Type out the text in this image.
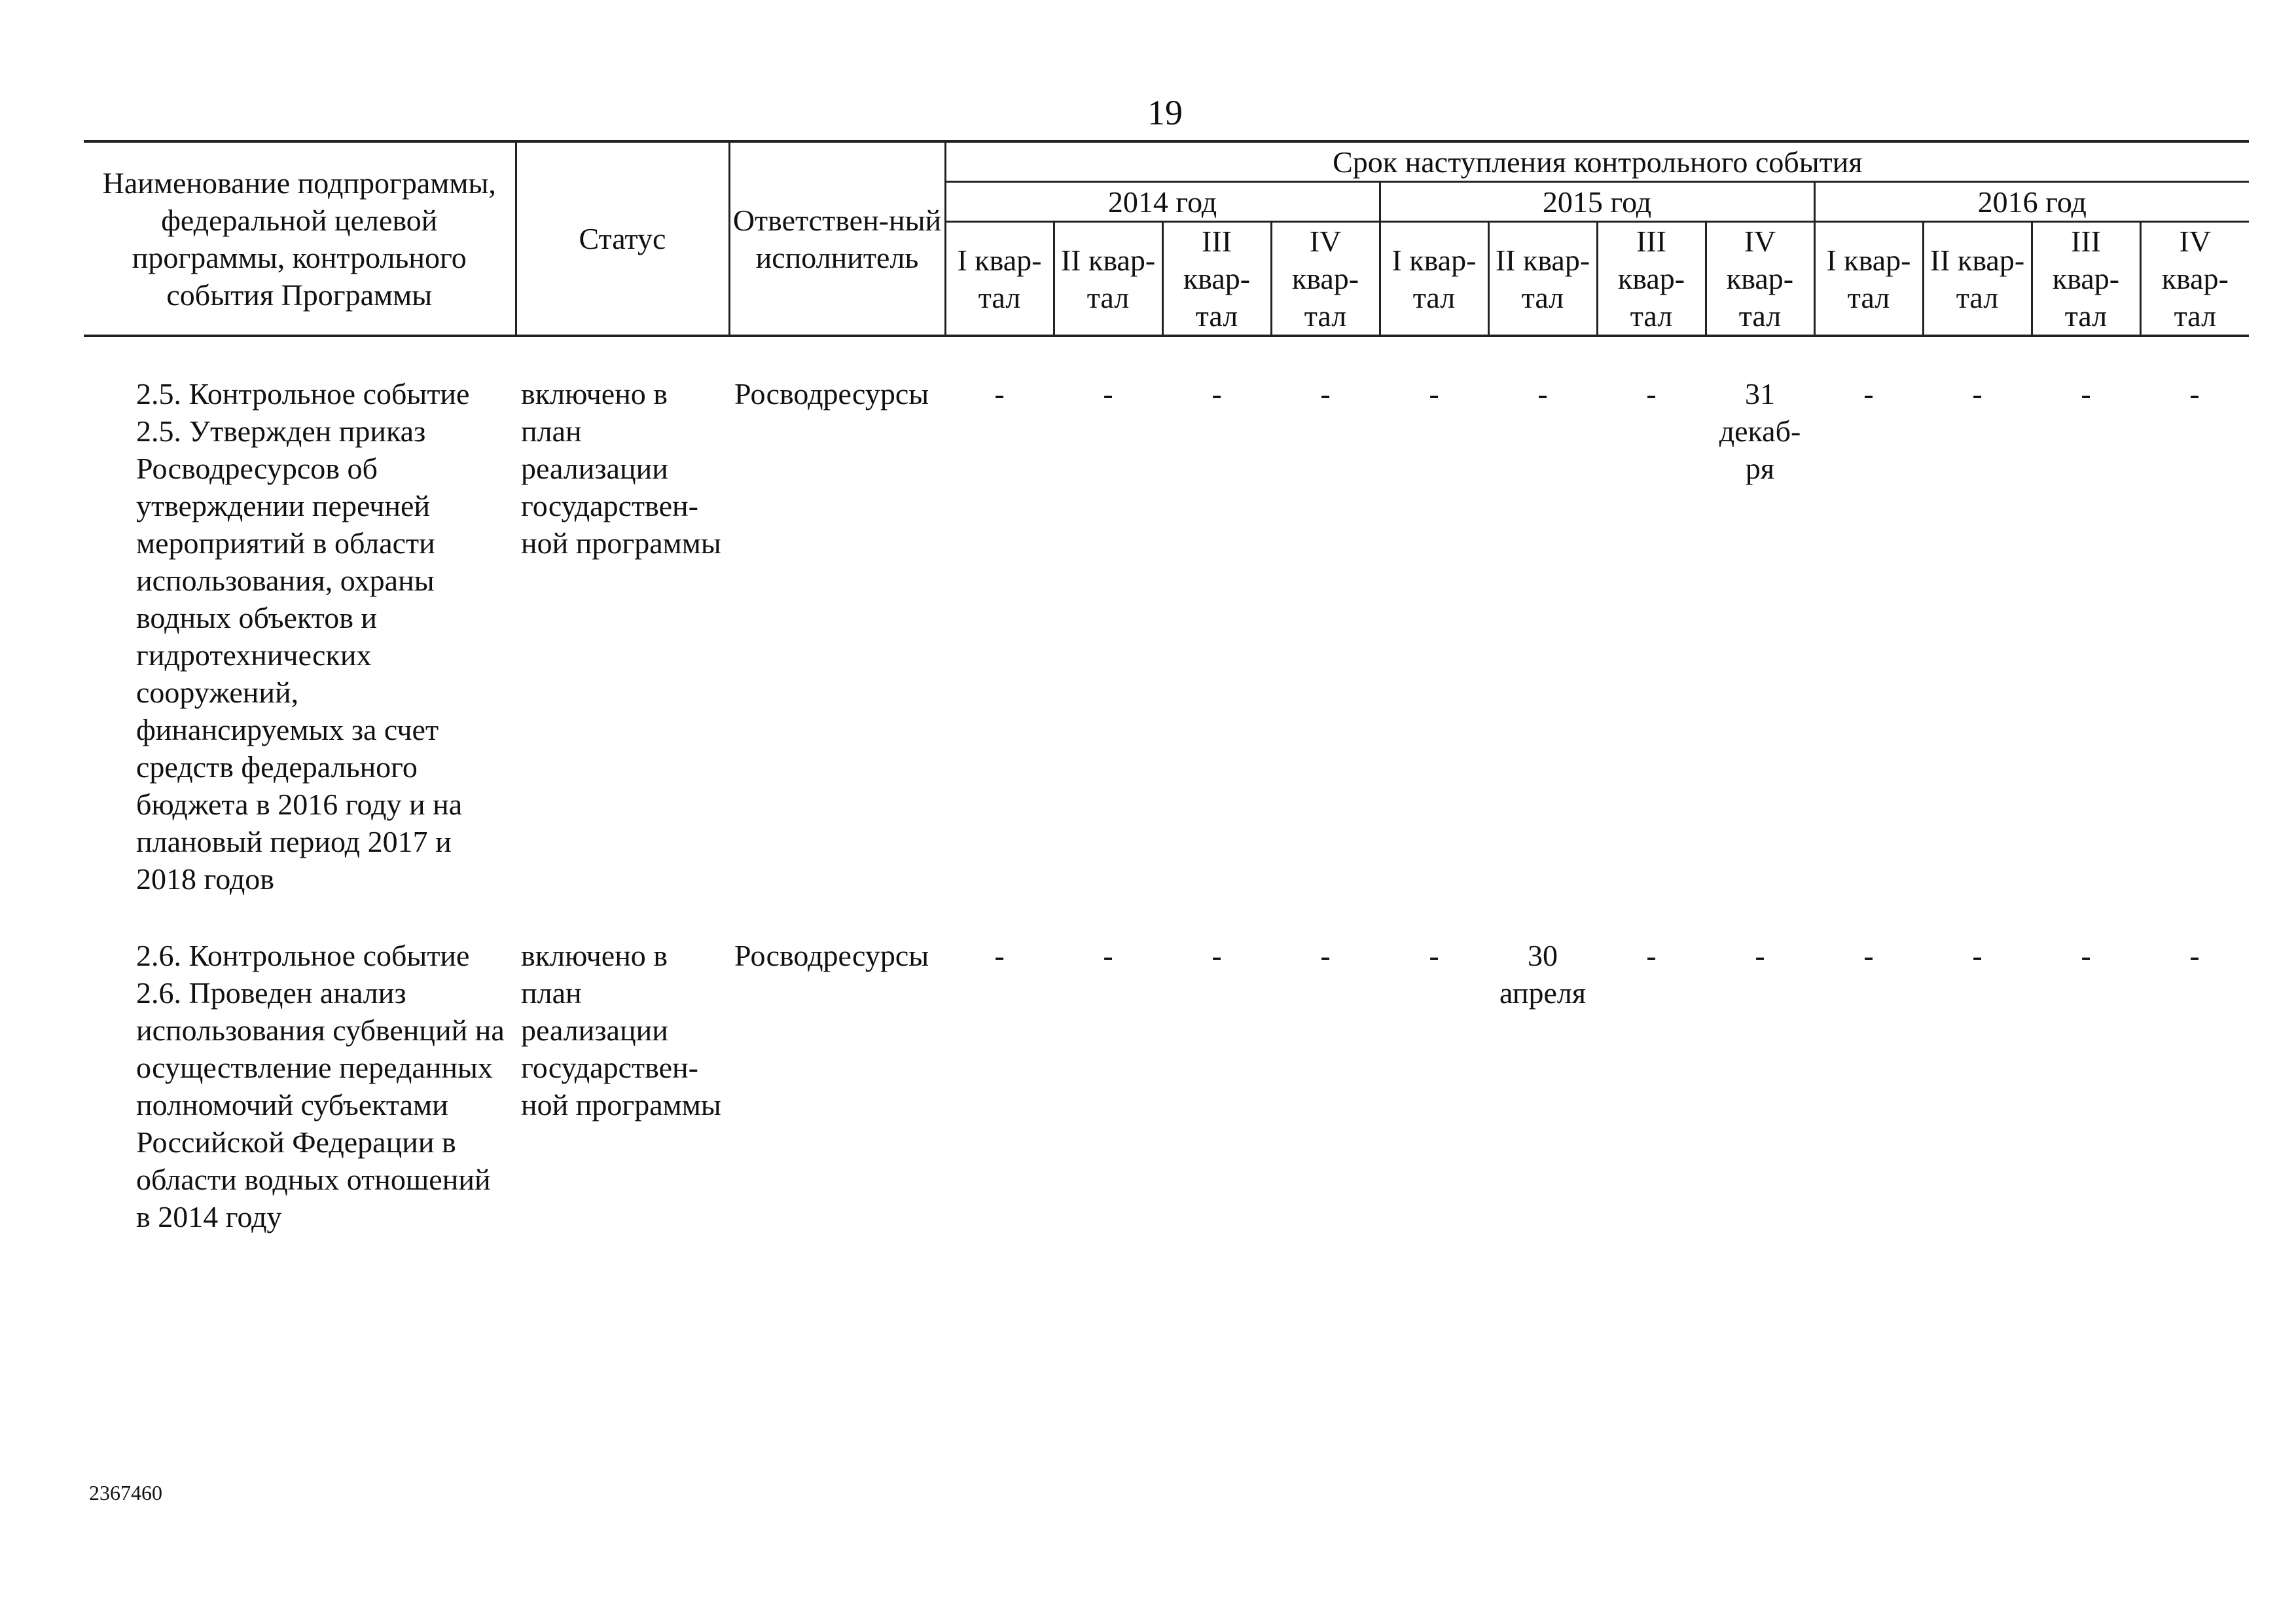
19
Наименование подпрограммы, федеральной целевой программы, контрольного события Программы	Статус	Ответствен-ный исполнитель	Срок наступления контрольного события											
			2014 год				2015 год				2016 год			
			I квар-тал	II квар-тал	III квар-тал	IV квар-тал	I квар-тал	II квар-тал	III квар-тал	IV квар-тал	I квар-тал	II квар-тал	III квар-тал	IV квар-тал

2.5. Контрольное событие 2.5. Утвержден приказ Росводресурсов об утверждении перечней мероприятий в области использования, охраны водных объектов и гидротехнических сооружений, финансируемых за счет средств федерального бюджета в 2016 году и на плановый период 2017 и 2018 годов	включено в план реализации государствен-ной программы	Росводресурсы	-	-	-	-	-	-	-	31 декаб-ря	-	-	-	-

2.6. Контрольное событие 2.6. Проведен анализ использования субвенций на осуществление переданных полномочий субъектами Российской Федерации в области водных отношений в 2014 году	включено в план реализации государствен-ной программы	Росводресурсы	-	-	-	-	-	30 апреля	-	-	-	-	-	-
2367460
